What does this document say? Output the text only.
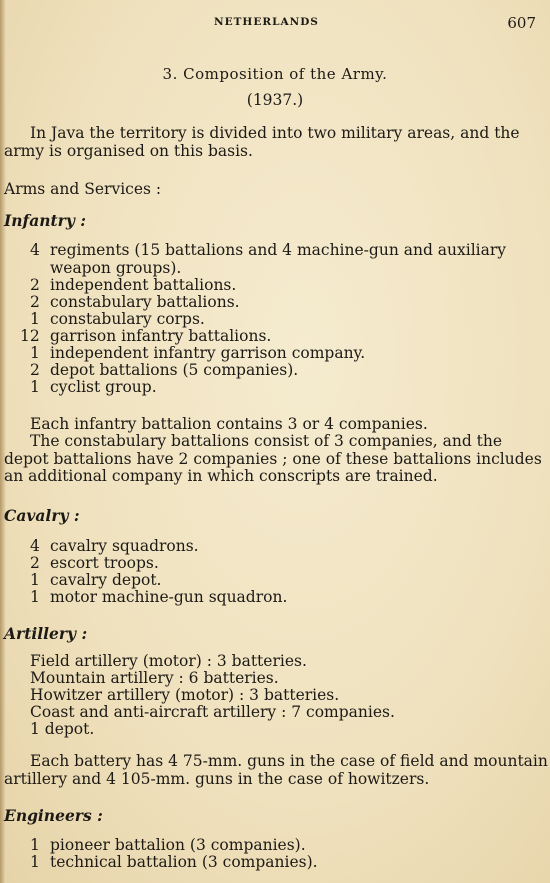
NETHERLANDS	607
3. Composition of the Army.
(1937.)
In Java the territory is divided into two military areas, and the
army is organised on this basis.
Arms and Services :
Infantry :
4 regiments (15 battalions and 4 machine-gun and auxiliary
weapon groups).
2 independent battalions.
2 constabulary battalions.
1 constabulary corps.
12 garrison infantry battalions.
1 independent infantry garrison company.
2 depot battalions (5 companies).
1 cyclist group.
Each infantry battalion contains 3 or 4 companies.
The constabulary battalions consist of 3 companies, and the
depot battalions have 2 companies ; one of these battalions includes
an additional company in which conscripts are trained.
Cavalry :
4 cavalry squadrons.
2 escort troops.
1 cavalry depot.
1 motor machine-gun squadron.
Artillery :
Field artillery (motor) : 3 batteries.
Mountain artillery : 6 batteries.
Howitzer artillery (motor) : 3 batteries.
Coast and anti-aircraft artillery : 7 companies.
1 depot.
Each battery has 4 75-mm. guns in the case of field and mountain
artillery and 4 105-mm. guns in the case of howitzers.
Engineers :
1 pioneer battalion (3 companies).
1 technical battalion (3 companies).
